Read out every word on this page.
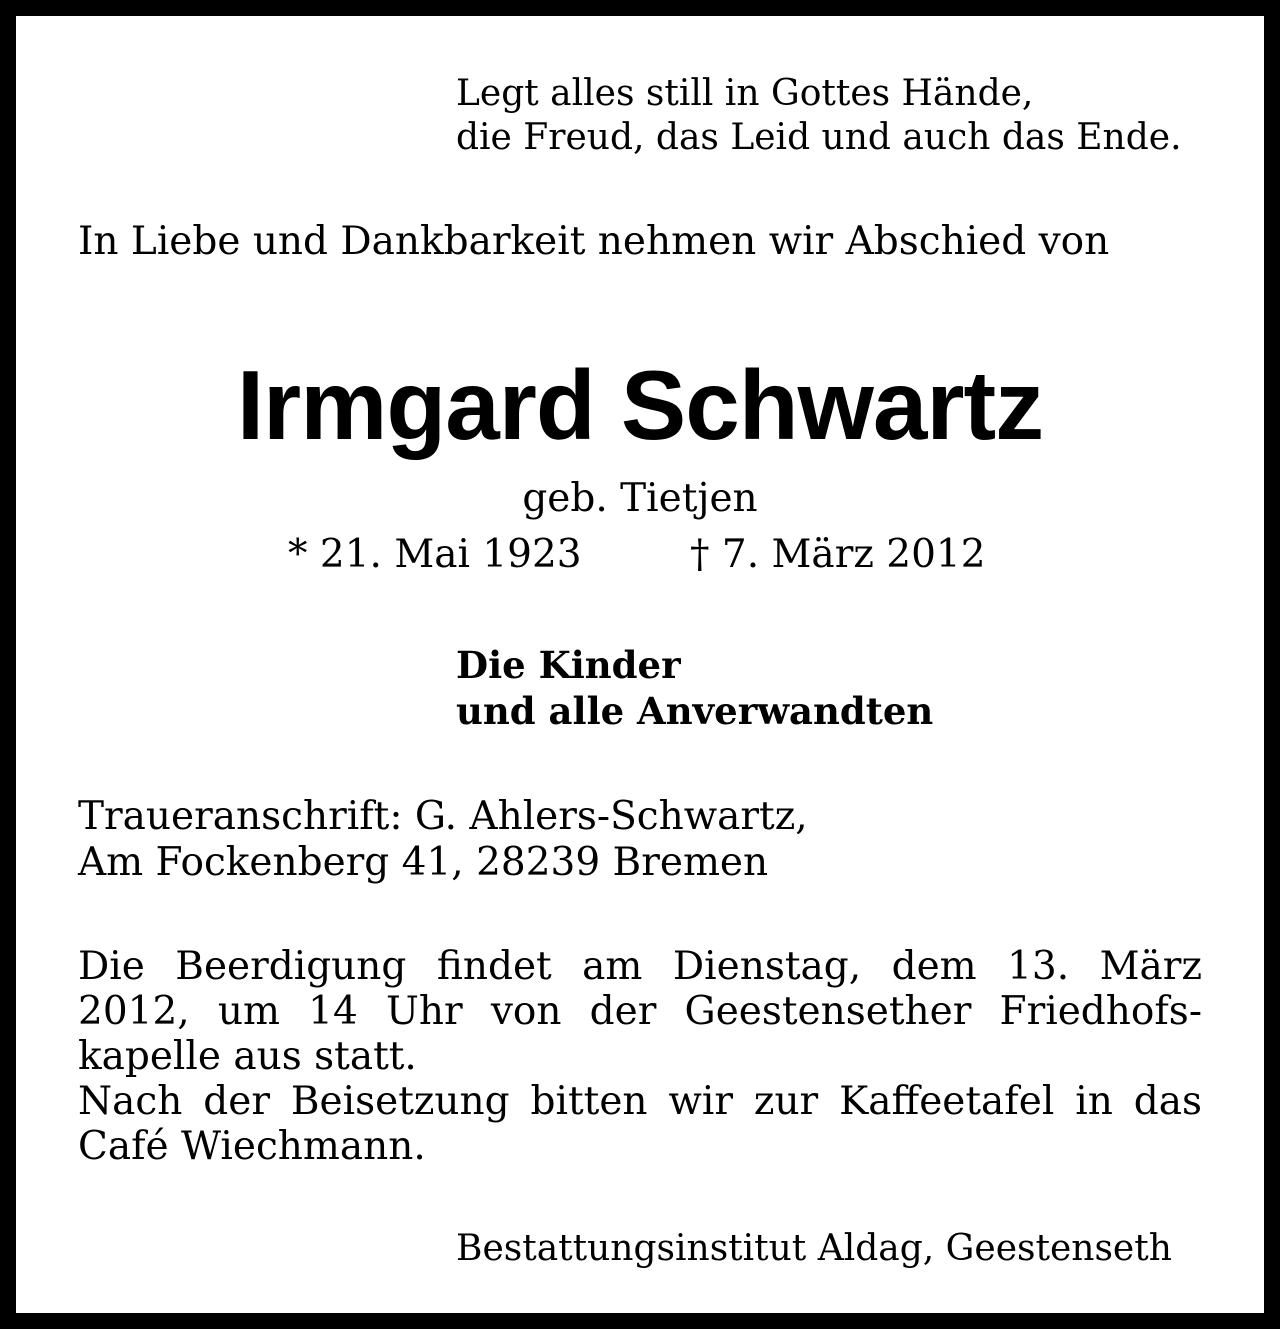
Legt alles still in Gottes Hände,
die Freud, das Leid und auch das Ende.
In Liebe und Dankbarkeit nehmen wir Abschied von
Irmgard Schwartz
geb. Tietjen
* 21. Mai 1923	† 7. März 2012
Die Kinder
und alle Anverwandten
Traueranschrift: G. Ahlers-Schwartz,
Am Fockenberg 41, 28239 Bremen
Die Beerdigung findet am Dienstag, dem 13. März
2012, um 14 Uhr von der Geestensether Friedhofs-
kapelle aus statt.
Nach der Beisetzung bitten wir zur Kaffeetafel in das
Café Wiechmann.
Bestattungsinstitut Aldag, Geestenseth
